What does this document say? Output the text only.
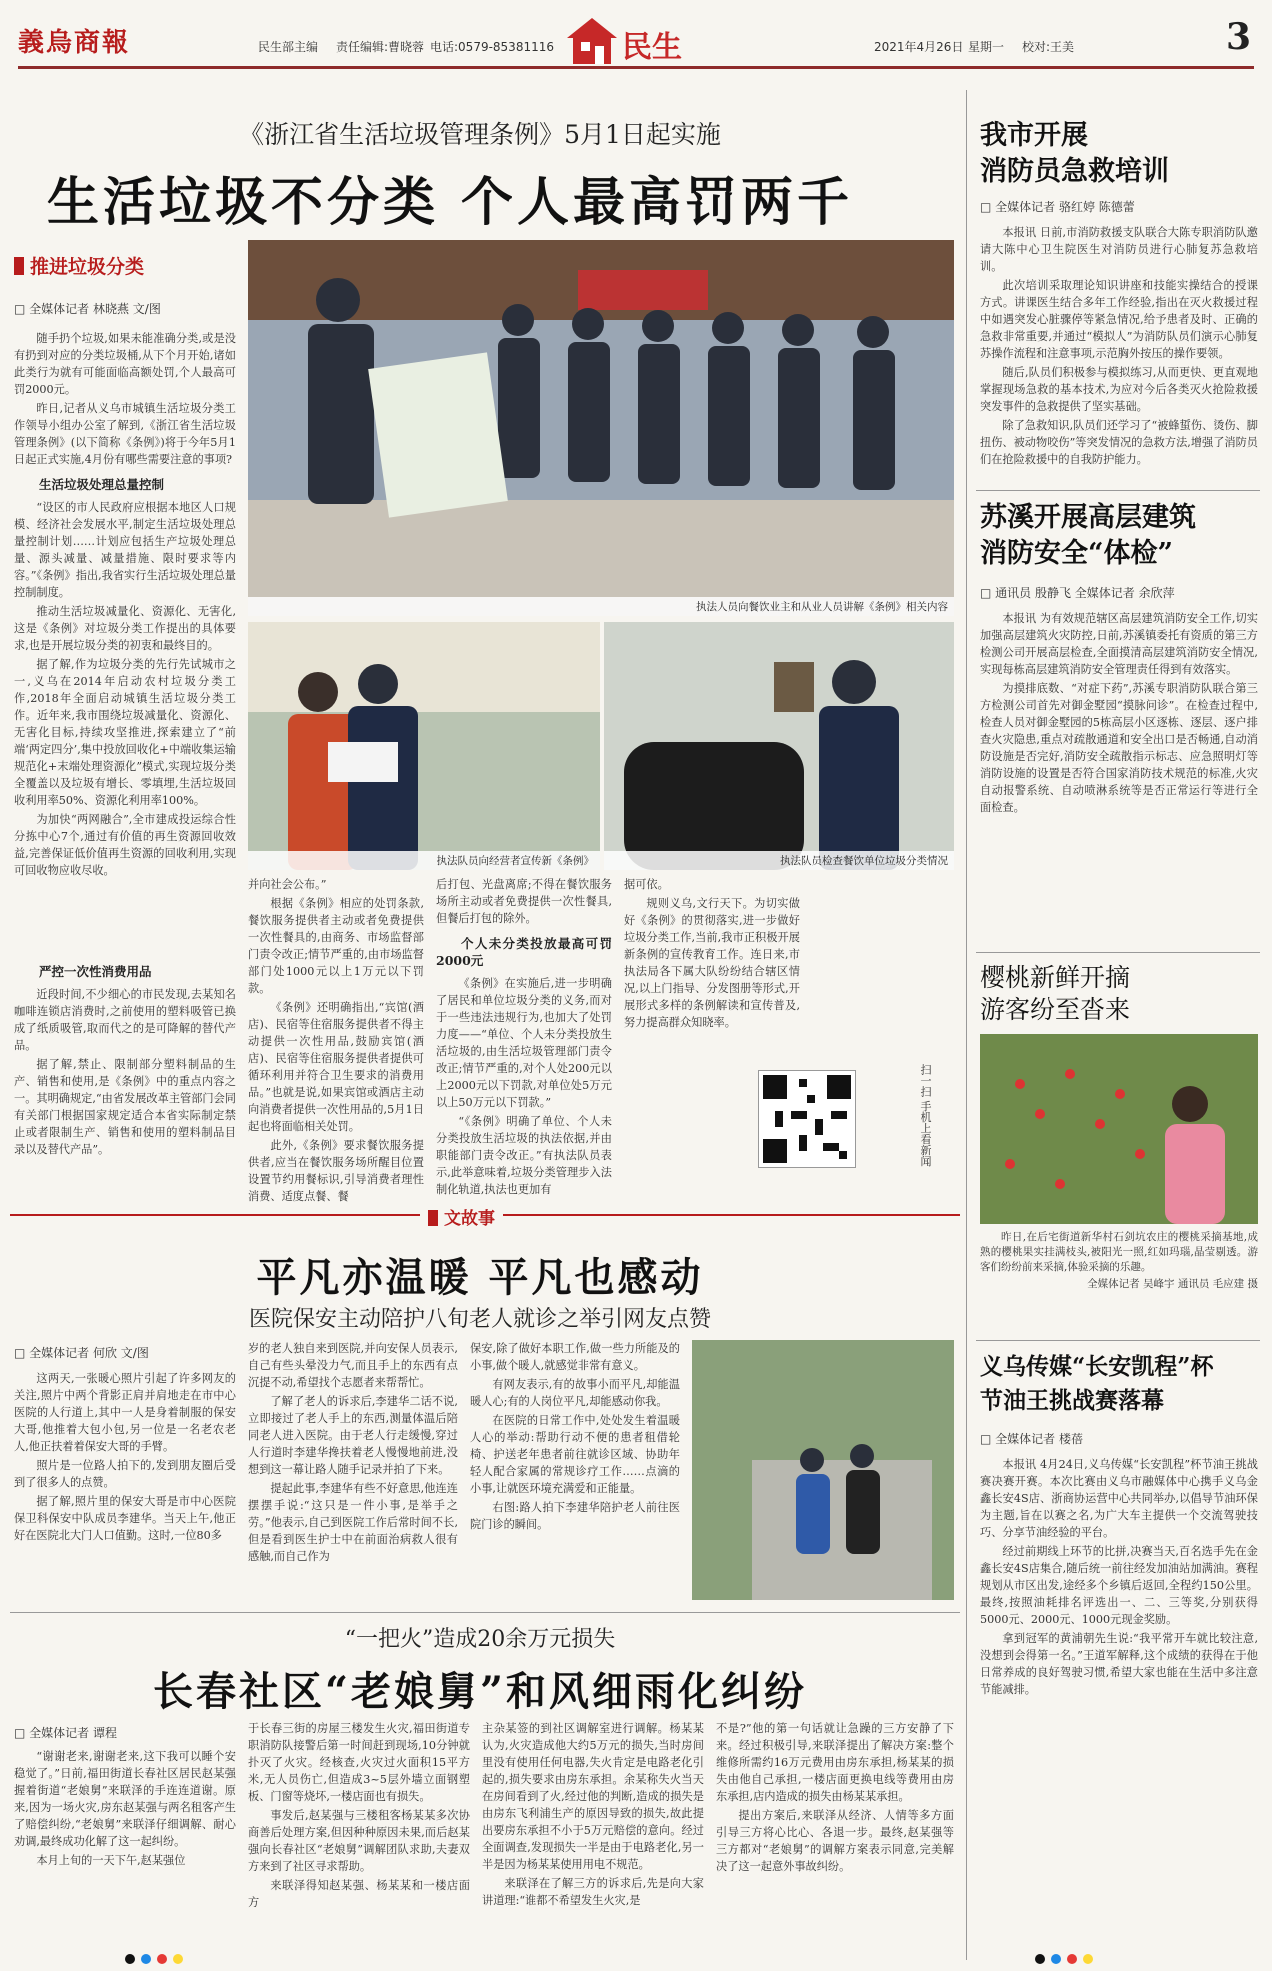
義烏商報	民生部主编 责任编辑:曹晓蓉 电话:0579-85381116 民生	2021年4月26日 星期一 校对:王美	3
《浙江省生活垃圾管理条例》5月1日起实施
生活垃圾不分类 个人最高罚两千
推进垃圾分类
□ 全媒体记者 林晓燕 文/图

随手扔个垃圾,如果未能准确分类,或是没有扔到对应的分类垃圾桶,从下个月开始,诸如此类行为就有可能面临高额处罚,个人最高可罚2000元。

昨日,记者从义乌市城镇生活垃圾分类工作领导小组办公室了解到,《浙江省生活垃圾管理条例》(以下简称《条例》)将于今年5月1日起正式实施,4月份有哪些需要注意的事项?

生活垃圾处理总量控制

“设区的市人民政府应根据本地区人口规模、经济社会发展水平,制定生活垃圾处理总量控制计划……计划应包括生产垃圾处理总量、源头减量、减量措施、限时要求等内容。”《条例》指出,我省实行生活垃圾处理总量控制制度。

推动生活垃圾减量化、资源化、无害化,这是《条例》对垃圾分类工作提出的具体要求,也是开展垃圾分类的初衷和最终目的。

据了解,作为垃圾分类的先行先试城市之一,义乌在2014年启动农村垃圾分类工作,2018年全面启动城镇生活垃圾分类工作。近年来,我市围绕垃圾减量化、资源化、无害化目标,持续攻坚推进,探索建立了“前端‘两定四分’,集中投放回收化+中端收集运输规范化+末端处理资源化”模式,实现垃圾分类全覆盖以及垃圾有增长、零填埋,生活垃圾回收利用率50%、资源化利用率100%。

为加快“两网融合”,全市建成投运综合性分拣中心7个,通过有价值的再生资源回收效益,完善保证低价值再生资源的回收利用,实现可回收物应收尽收。

严控一次性消费用品

近段时间,不少细心的市民发现,去某知名咖啡连锁店消费时,之前使用的塑料吸管已换成了纸质吸管,取而代之的是可降解的替代产品。

据了解,禁止、限制部分塑料制品的生产、销售和使用,是《条例》中的重点内容之一。其明确规定,“由省发展改革主管部门会同有关部门根据国家规定适合本省实际制定禁止或者限制生产、销售和使用的塑料制品目录以及替代产品”。

执法人员向餐饮业主和从业人员讲解《条例》相关内容
执法队员向经营者宣传新《条例》	执法队员检查餐饮单位垃圾分类情况

并向社会公布。”

根据《条例》相应的处罚条款,餐饮服务提供者主动或者免费提供一次性餐具的,由商务、市场监督部门责令改正;情节严重的,由市场监督部门处1000元以上1万元以下罚款。

《条例》还明确指出,“宾馆(酒店)、民宿等住宿服务提供者不得主动提供一次性用品,鼓励宾馆(酒店)、民宿等住宿服务提供者提供可循环利用并符合卫生要求的消费用品。”也就是说,如果宾馆或酒店主动向消费者提供一次性用品的,5月1日起也将面临相关处罚。

此外,《条例》要求餐饮服务提供者,应当在餐饮服务场所醒目位置设置节约用餐标识,引导消费者理性消费、适度点餐、餐

后打包、光盘离席;不得在餐饮服务场所主动或者免费提供一次性餐具,但餐后打包的除外。

个人未分类投放最高可罚2000元

《条例》在实施后,进一步明确了居民和单位垃圾分类的义务,而对于一些违法违规行为,也加大了处罚力度——“单位、个人未分类投放生活垃圾的,由生活垃圾管理部门责令改正;情节严重的,对个人处200元以上2000元以下罚款,对单位处5万元以上50万元以下罚款。”

“《条例》明确了单位、个人未分类投放生活垃圾的执法依据,并由职能部门责令改正。”有执法队员表示,此举意味着,垃圾分类管理步入法制化轨道,执法也更加有

据可依。

规则义乌,文行天下。为切实做好《条例》的贯彻落实,进一步做好垃圾分类工作,当前,我市正积极开展新条例的宣传教育工作。连日来,市执法局各下属大队纷纷结合辖区情况,以上门指导、分发图册等形式,开展形式多样的条例解读和宣传普及,努力提高群众知晓率。

扫一扫 手机上看新闻
我市开展
消防员急救培训
□ 全媒体记者 骆红婷 陈德蕾

本报讯 日前,市消防救援支队联合大陈专职消防队邀请大陈中心卫生院医生对消防员进行心肺复苏急救培训。

此次培训采取理论知识讲座和技能实操结合的授课方式。讲课医生结合多年工作经验,指出在灭火救援过程中如遇突发心脏骤停等紧急情况,给予患者及时、正确的急救非常重要,并通过“模拟人”为消防队员们演示心肺复苏操作流程和注意事项,示范胸外按压的操作要领。

随后,队员们积极参与模拟练习,从而更快、更直观地掌握现场急救的基本技术,为应对今后各类灭火抢险救援突发事件的急救提供了坚实基础。

除了急救知识,队员们还学习了“被蜂蜇伤、烫伤、脚扭伤、被动物咬伤”等突发情况的急救方法,增强了消防员们在抢险救援中的自我防护能力。

苏溪开展高层建筑
消防安全“体检”
□ 通讯员 殷静飞 全媒体记者 余欣萍

本报讯 为有效规范辖区高层建筑消防安全工作,切实加强高层建筑火灾防控,日前,苏溪镇委托有资质的第三方检测公司开展高层检查,全面摸清高层建筑消防安全情况,实现每栋高层建筑消防安全管理责任得到有效落实。

为摸排底数、“对症下药”,苏溪专职消防队联合第三方检测公司首先对御金墅园“摸脉问诊”。在检查过程中,检查人员对御金墅园的5栋高层小区逐栋、逐层、逐户排查火灾隐患,重点对疏散通道和安全出口是否畅通,自动消防设施是否完好,消防安全疏散指示标志、应急照明灯等消防设施的设置是否符合国家消防技术规范的标准,火灾自动报警系统、自动喷淋系统等是否正常运行等进行全面检查。

樱桃新鲜开摘
游客纷至沓来

昨日,在后宅街道新华村石剑坑农庄的樱桃采摘基地,成熟的樱桃果实挂满枝头,被阳光一照,红如玛瑙,晶莹剔透。游客们纷纷前来采摘,体验采摘的乐趣。

全媒体记者 吴峰宇 通讯员 毛应建 摄

义乌传媒“长安凯程”杯
节油王挑战赛落幕
□ 全媒体记者 楼蓓

本报讯 4月24日,义乌传媒“长安凯程”杯节油王挑战赛决赛开赛。本次比赛由义乌市融媒体中心携手义乌金鑫长安4S店、浙商协运营中心共同举办,以倡导节油环保为主题,旨在以赛之名,为广大车主提供一个交流驾驶技巧、分享节油经验的平台。

经过前期线上环节的比拼,决赛当天,百名选手先在金鑫长安4S店集合,随后统一前往经发加油站加满油。赛程规划从市区出发,途经多个乡镇后返回,全程约150公里。最终,按照油耗排名评选出一、二、三等奖,分别获得5000元、2000元、1000元现金奖励。

拿到冠军的黄浦朝先生说:“我平常开车就比较注意,没想到会得第一名。”王道军解释,这个成绩的获得在于他日常养成的良好驾驶习惯,希望大家也能在生活中多注意节能减排。

文故事
平凡亦温暖 平凡也感动
医院保安主动陪护八旬老人就诊之举引网友点赞
□ 全媒体记者 何欣 文/图

这两天,一张暖心照片引起了许多网友的关注,照片中两个背影正肩并肩地走在市中心医院的人行道上,其中一人是身着制服的保安大哥,他推着大包小包,另一位是一名老农老人,他正扶着着保安大哥的手臂。

照片是一位路人拍下的,发到朋友圈后受到了很多人的点赞。

据了解,照片里的保安大哥是市中心医院保卫科保安中队成员李建华。当天上午,他正好在医院北大门人口值勤。这时,一位80多

岁的老人独自来到医院,并向安保人员表示,自己有些头晕没力气,而且手上的东西有点沉提不动,希望找个志愿者来帮帮忙。

了解了老人的诉求后,李建华二话不说,立即接过了老人手上的东西,测量体温后陪同老人进入医院。由于老人行走缓慢,穿过人行道时李建华搀扶着老人慢慢地前进,没想到这一幕让路人随手记录并拍了下来。

提起此事,李建华有些不好意思,他连连摆摆手说:“这只是一件小事,是举手之劳。”他表示,自己到医院工作后常时间不长,但是看到医生护士中在前面治病救人很有感触,而自己作为

保安,除了做好本职工作,做一些力所能及的小事,做个暖人,就感觉非常有意义。

有网友表示,有的故事小而平凡,却能温暖人心;有的人岗位平凡,却能感动你我。

在医院的日常工作中,处处发生着温暖人心的举动:帮助行动不便的患者租借轮椅、护送老年患者前往就诊区域、协助年轻人配合家属的常规诊疗工作……点滴的小事,让就医环境充满爱和正能量。

右图:路人拍下李建华陪护老人前往医院门诊的瞬间。

“一把火”造成20余万元损失
长春社区“老娘舅”和风细雨化纠纷
□ 全媒体记者 谭程

“谢谢老来,谢谢老来,这下我可以睡个安稳觉了。”日前,福田街道长春社区居民赵某强握着街道“老娘舅”来联泽的手连连道谢。原来,因为一场火灾,房东赵某强与两名租客产生了赔偿纠纷,“老娘舅”来联泽仔细调解、耐心劝调,最终成功化解了这一起纠纷。

本月上旬的一天下午,赵某强位

于长春三街的房屋三楼发生火灾,福田街道专职消防队接警后第一时间赶到现场,10分钟就扑灭了火灾。经核查,火灾过火面积15平方米,无人员伤亡,但造成3~5层外墙立面钢塑板、门窗等烧坏,一楼店面也有损失。

事发后,赵某强与三楼租客杨某某多次协商善后处理方案,但因种种原因未果,而后赵某强向长春社区“老娘舅”调解团队求助,夫妻双方来到了社区寻求帮助。

来联泽得知赵某强、杨某某和一楼店面方

主杂某签的到社区调解室进行调解。杨某某认为,火灾造成他大约5万元的损失,当时房间里没有使用任何电器,失火肯定是电路老化引起的,损失要求由房东承担。余某称失火当天在房间看到了火,经过他的判断,造成的损失是由房东飞利浦生产的原因导致的损失,故此提出要房东承担不小于5万元赔偿的意向。经过全面调查,发现损失一半是由于电路老化,另一半是因为杨某某使用用电不规范。

来联泽在了解三方的诉求后,先是向大家讲道理:“谁都不希望发生火灾,是

不是?”他的第一句话就让急躁的三方安静了下来。经过积极引导,来联泽提出了解决方案:整个维修所需约16万元费用由房东承担,杨某某的损失由他自己承担,一楼店面更换电线等费用由房东承担,店内造成的损失由杨某某承担。

提出方案后,来联泽从经济、人情等多方面引导三方将心比心、各退一步。最终,赵某强等三方都对“老娘舅”的调解方案表示同意,完美解决了这一起意外事故纠纷。
